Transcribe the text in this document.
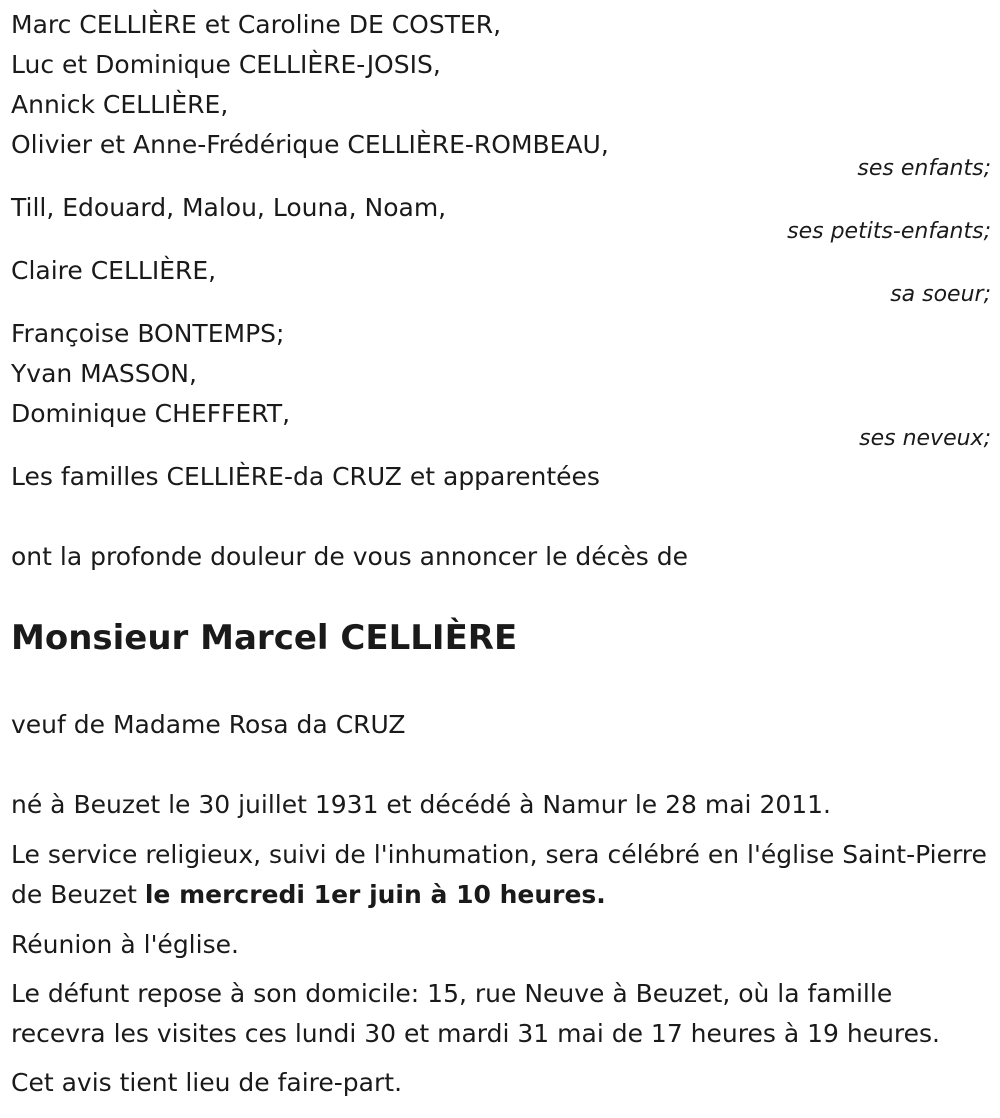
Marc CELLIÈRE et Caroline DE COSTER,
Luc et Dominique CELLIÈRE-JOSIS,
Annick CELLIÈRE,
Olivier et Anne-Frédérique CELLIÈRE-ROMBEAU,
ses enfants;
Till, Edouard, Malou, Louna, Noam,
ses petits-enfants;
Claire CELLIÈRE,
sa soeur;
Françoise BONTEMPS;
Yvan MASSON,
Dominique CHEFFERT,
ses neveux;
Les familles CELLIÈRE-da CRUZ et apparentées
ont la profonde douleur de vous annoncer le décès de
Monsieur Marcel CELLIÈRE
veuf de Madame Rosa da CRUZ
né à Beuzet le 30 juillet 1931 et décédé à Namur le 28 mai 2011.
Le service religieux, suivi de l'inhumation, sera célébré en l'église Saint-Pierre de Beuzet le mercredi 1er juin à 10 heures.
Réunion à l'église.
Le défunt repose à son domicile: 15, rue Neuve à Beuzet, où la famille recevra les visites ces lundi 30 et mardi 31 mai de 17 heures à 19 heures.
Cet avis tient lieu de faire-part.
